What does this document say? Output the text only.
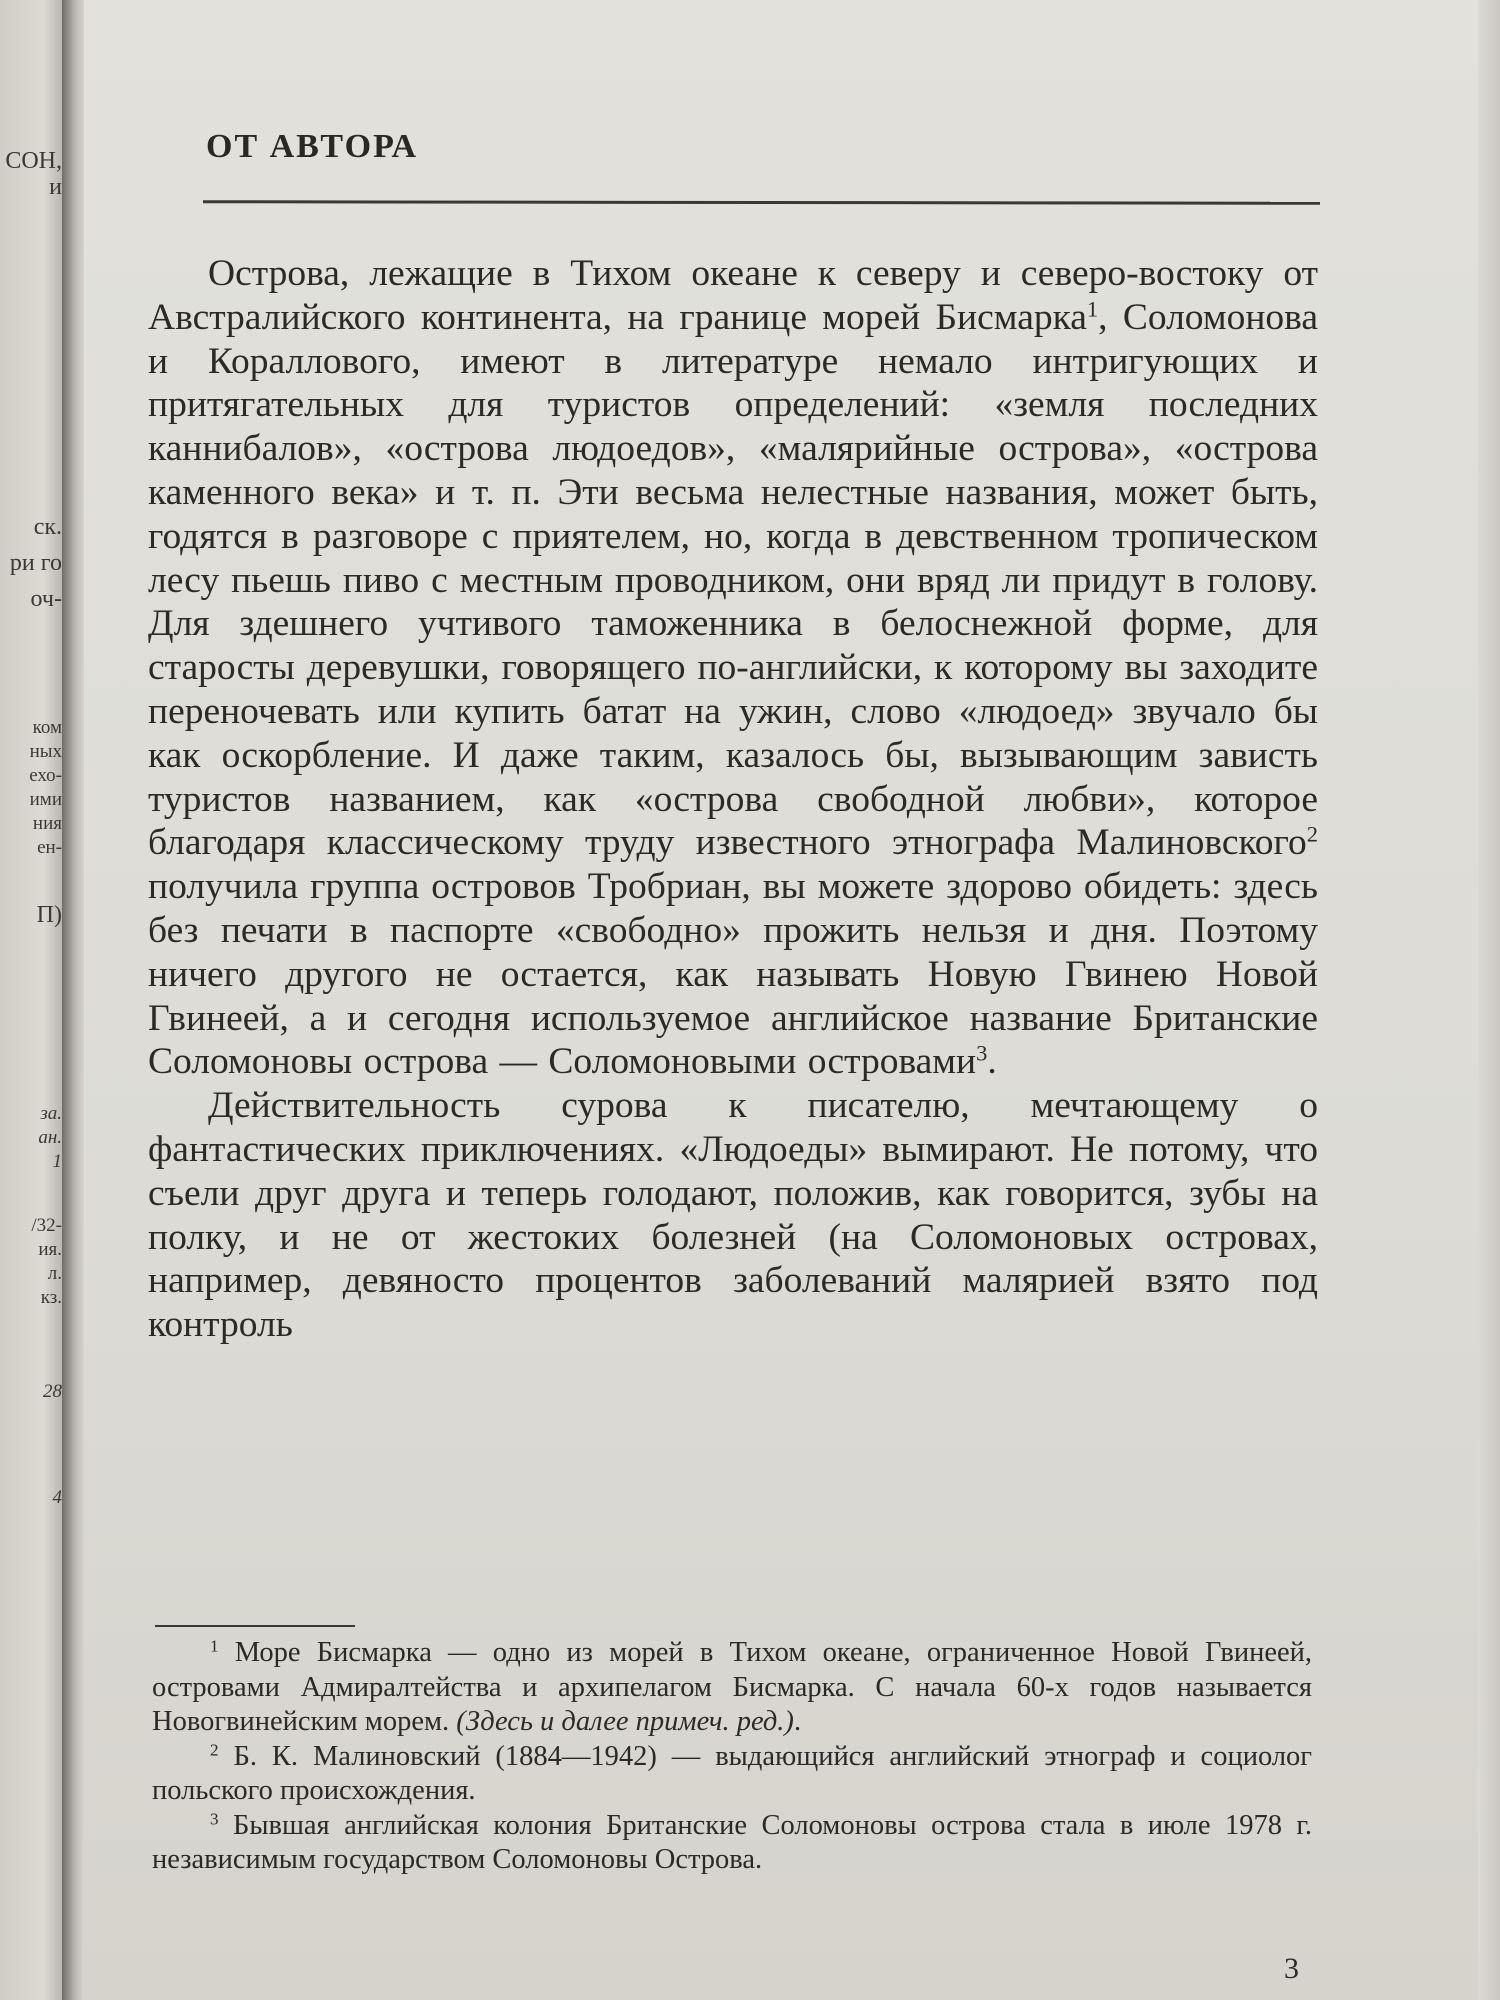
СОН,
и
ск.
ри го
оч-
ком
ных
ехо-
ими
ния
ен-
П)
за.
ан.
1
/32-
ия.
л.
кз.
28
4
ОТ АВТОРА

Острова, лежащие в Тихом океане к северу и северо-востоку от Австралийского континента, на границе морей Бисмарка$^1$, Соломонова и Кораллового, имеют в литературе немало интригующих и притягательных для туристов определений: «земля последних каннибалов», «острова людоедов», «малярийные острова», «острова каменного века» и т. п. Эти весьма нелестные названия, может быть, годятся в разговоре с приятелем, но, когда в девственном тропическом лесу пьешь пиво с местным проводником, они вряд ли придут в голову. Для здешнего учтивого таможенника в белоснежной форме, для старосты деревушки, говорящего по-английски, к которому вы заходите переночевать или купить батат на ужин, слово «людоед» звучало бы как оскорбление. И даже таким, казалось бы, вызывающим зависть туристов названием, как «острова свободной любви», которое благодаря классическому труду известного этнографа Малиновского$^2$ получила группа островов Тробриан, вы можете здорово обидеть: здесь без печати в паспорте «свободно» прожить нельзя и дня. Поэтому ничего другого не остается, как называть Новую Гвинею Новой Гвинеей, а и сегодня используемое английское название Британские Соломоновы острова — Соломоновыми островами$^3$.

Действительность сурова к писателю, мечтающему о фантастических приключениях. «Людоеды» вымирают. Не потому, что съели друг друга и теперь голодают, положив, как говорится, зубы на полку, и не от жестоких болезней (на Соломоновых островах, например, девяносто процентов заболеваний малярией взято под контроль

$^1$ Море Бисмарка — одно из морей в Тихом океане, ограниченное Новой Гвинеей, островами Адмиралтейства и архипелагом Бисмарка. С начала 60-х годов называется Новогвинейским морем. (Здесь и далее примеч. ред.).

$^2$ Б. К. Малиновский (1884—1942) — выдающийся английский этнограф и социолог польского происхождения.

$^3$ Бывшая английская колония Британские Соломоновы острова стала в июле 1978 г. независимым государством Соломоновы Острова.

3
